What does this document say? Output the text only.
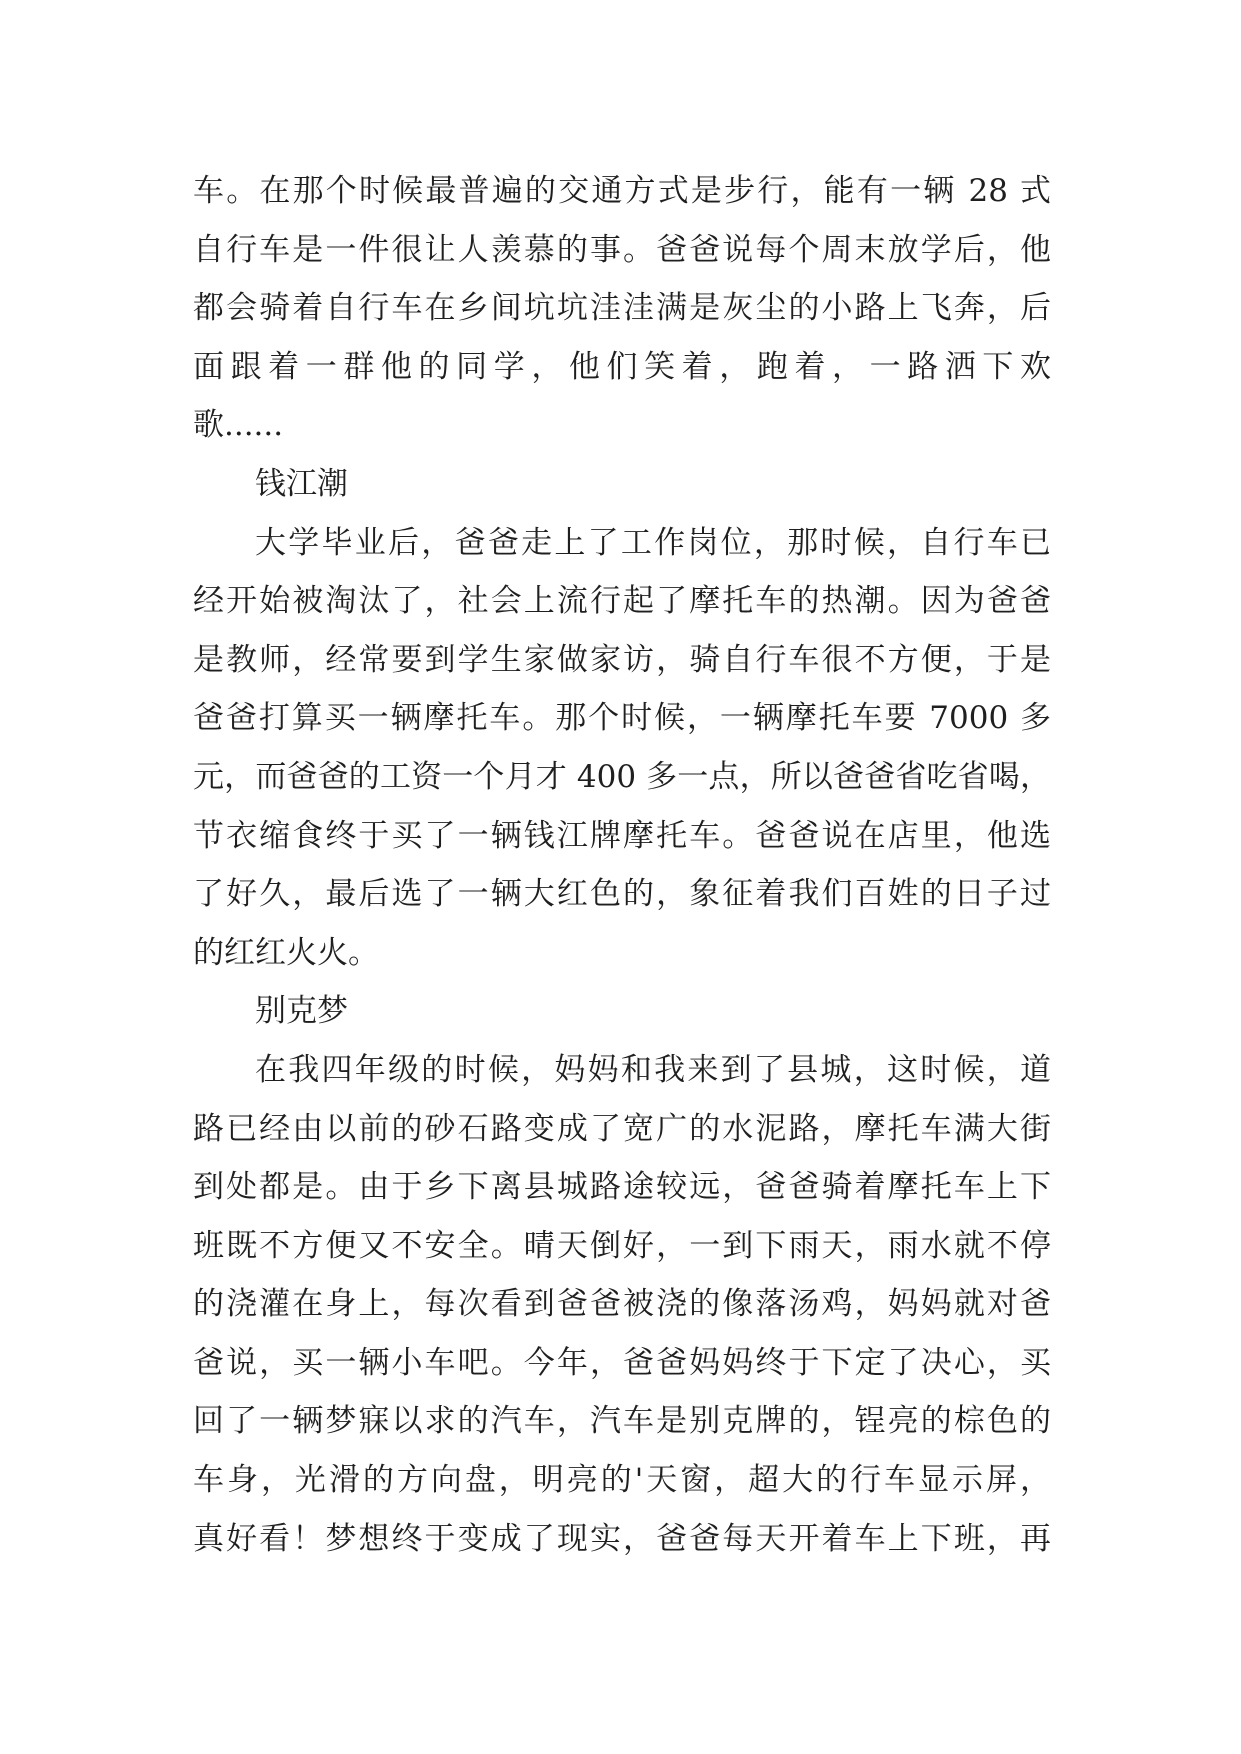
车。在那个时候最普遍的交通方式是步行，能有一辆 28 式
自行车是一件很让人羡慕的事。爸爸说每个周末放学后，他
都会骑着自行车在乡间坑坑洼洼满是灰尘的小路上飞奔，后
面跟着一群他的同学，他们笑着，跑着，一路洒下欢
歌......
钱江潮
大学毕业后，爸爸走上了工作岗位，那时候，自行车已
经开始被淘汰了，社会上流行起了摩托车的热潮。因为爸爸
是教师，经常要到学生家做家访，骑自行车很不方便，于是
爸爸打算买一辆摩托车。那个时候，一辆摩托车要 7000 多
元，而爸爸的工资一个月才 400 多一点，所以爸爸省吃省喝，
节衣缩食终于买了一辆钱江牌摩托车。爸爸说在店里，他选
了好久，最后选了一辆大红色的，象征着我们百姓的日子过
的红红火火。
别克梦
在我四年级的时候，妈妈和我来到了县城，这时候，道
路已经由以前的砂石路变成了宽广的水泥路，摩托车满大街
到处都是。由于乡下离县城路途较远，爸爸骑着摩托车上下
班既不方便又不安全。晴天倒好，一到下雨天，雨水就不停
的浇灌在身上，每次看到爸爸被浇的像落汤鸡，妈妈就对爸
爸说，买一辆小车吧。今年，爸爸妈妈终于下定了决心，买
回了一辆梦寐以求的汽车，汽车是别克牌的，锃亮的棕色的
车身，光滑的方向盘，明亮的'天窗，超大的行车显示屏，
真好看！梦想终于变成了现实，爸爸每天开着车上下班，再
